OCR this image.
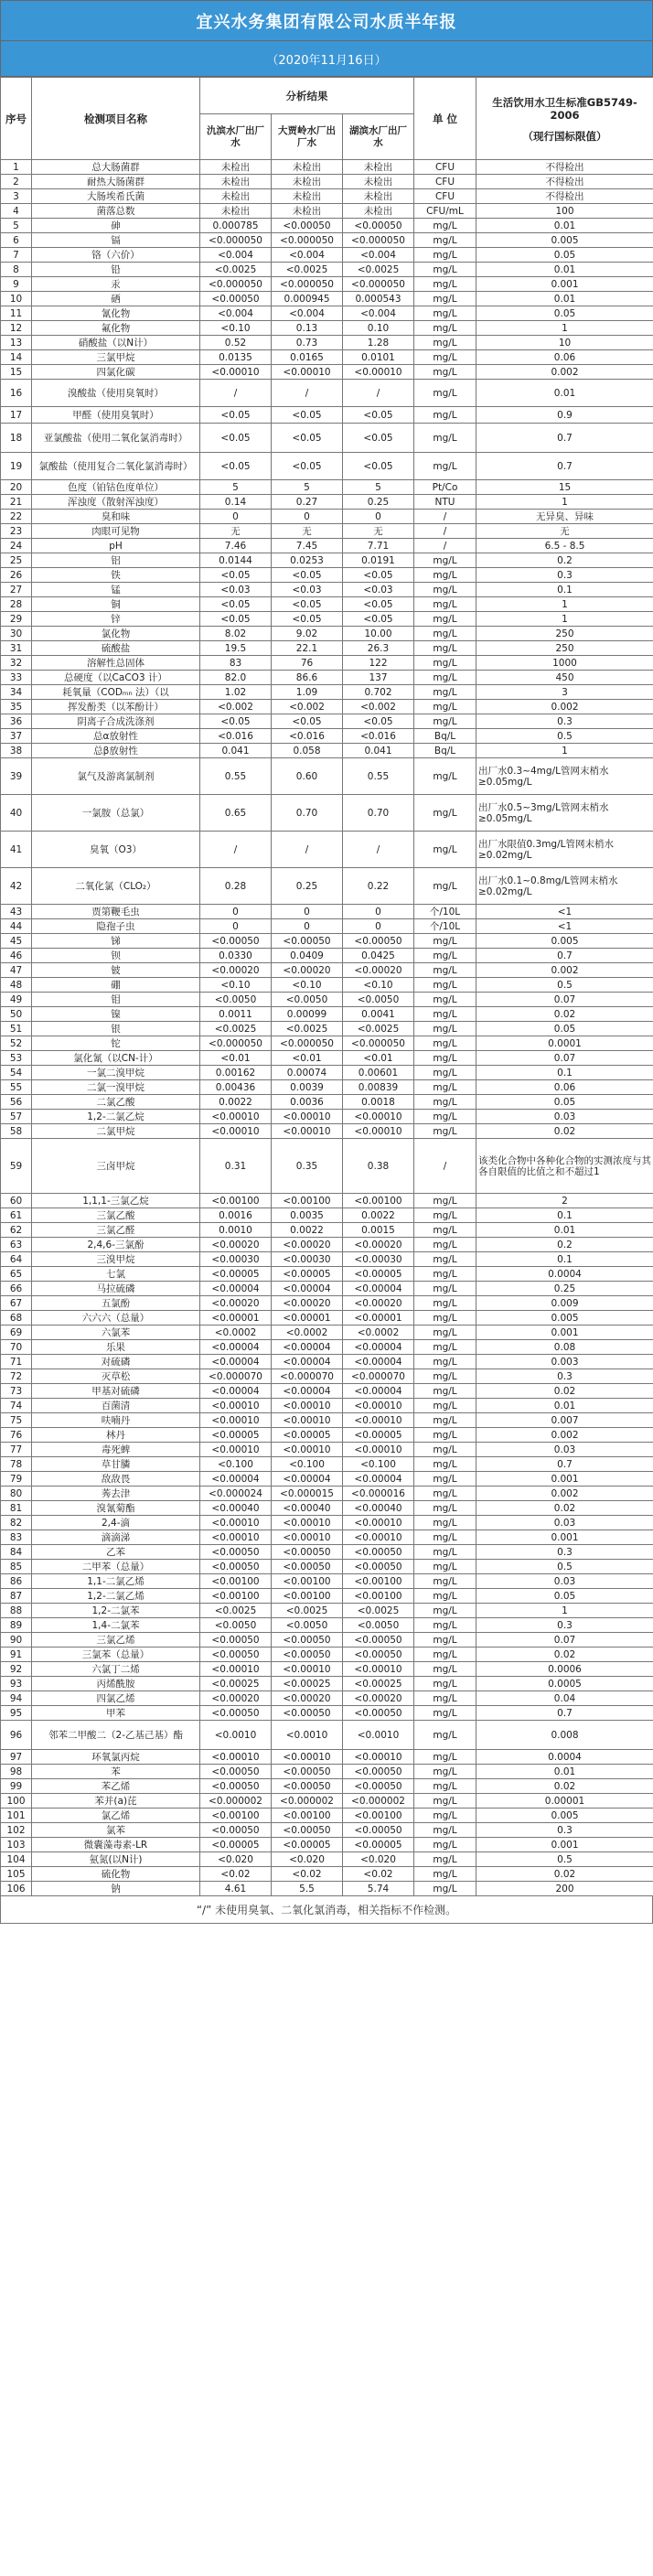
宜兴水务集团有限公司水质半年报
（2020年11月16日）
序号	检测项目名称	分析结果			单 位	生活饮用水卫生标准GB5749-2006
（现行国标限值）

		氿滨水厂出厂水	大贾岭水厂出厂水	湖滨水厂出厂水		
1	总大肠菌群	未检出	未检出	未检出	CFU	不得检出
2	耐热大肠菌群	未检出	未检出	未检出	CFU	不得检出
3	大肠埃希氏菌	未检出	未检出	未检出	CFU	不得检出
4	菌落总数	未检出	未检出	未检出	CFU/mL	100
5	砷	0.000785	<0.00050	<0.00050	mg/L	0.01
6	镉	<0.000050	<0.000050	<0.000050	mg/L	0.005
7	铬（六价）	<0.004	<0.004	<0.004	mg/L	0.05
8	铅	<0.0025	<0.0025	<0.0025	mg/L	0.01
9	汞	<0.000050	<0.000050	<0.000050	mg/L	0.001
10	硒	<0.00050	0.000945	0.000543	mg/L	0.01
11	氰化物	<0.004	<0.004	<0.004	mg/L	0.05
12	氟化物	<0.10	0.13	0.10	mg/L	1
13	硝酸盐（以N计）	0.52	0.73	1.28	mg/L	10
14	三氯甲烷	0.0135	0.0165	0.0101	mg/L	0.06
15	四氯化碳	<0.00010	<0.00010	<0.00010	mg/L	0.002
16	溴酸盐（使用臭氧时）	/	/	/	mg/L	0.01
17	甲醛（使用臭氧时）	<0.05	<0.05	<0.05	mg/L	0.9
18	亚氯酸盐（使用二氧化氯消毒时）	<0.05	<0.05	<0.05	mg/L	0.7
19	氯酸盐（使用复合二氧化氯消毒时）	<0.05	<0.05	<0.05	mg/L	0.7
20	色度（铂钴色度单位）	5	5	5	Pt/Co	15
21	浑浊度（散射浑浊度）	0.14	0.27	0.25	NTU	1
22	臭和味	0	0	0	/	无异臭、异味
23	肉眼可见物	无	无	无	/	无
24	pH	7.46	7.45	7.71	/	6.5 - 8.5
25	铝	0.0144	0.0253	0.0191	mg/L	0.2
26	铁	<0.05	<0.05	<0.05	mg/L	0.3
27	锰	<0.03	<0.03	<0.03	mg/L	0.1
28	铜	<0.05	<0.05	<0.05	mg/L	1
29	锌	<0.05	<0.05	<0.05	mg/L	1
30	氯化物	8.02	9.02	10.00	mg/L	250
31	硫酸盐	19.5	22.1	26.3	mg/L	250
32	溶解性总固体	83	76	122	mg/L	1000
33	总硬度（以CaCO3 计）	82.0	86.6	137	mg/L	450
34	耗氧量（CODₘₙ 法）（以	1.02	1.09	0.702	mg/L	3
35	挥发酚类（以苯酚计）	<0.002	<0.002	<0.002	mg/L	0.002
36	阴离子合成洗涤剂	<0.05	<0.05	<0.05	mg/L	0.3
37	总α放射性	<0.016	<0.016	<0.016	Bq/L	0.5
38	总β放射性	0.041	0.058	0.041	Bq/L	1
39	氯气及游离氯制剂	0.55	0.60	0.55	mg/L	出厂水0.3~4mg/L管网末梢水≥0.05mg/L
40	一氯胺（总氯）	0.65	0.70	0.70	mg/L	出厂水0.5~3mg/L管网末梢水≥0.05mg/L
41	臭氧（O3）	/	/	/	mg/L	出厂水限值0.3mg/L管网末梢水≥0.02mg/L
42	二氧化氯（CLO₂）	0.28	0.25	0.22	mg/L	出厂水0.1~0.8mg/L管网末梢水≥0.02mg/L
43	贾第鞭毛虫	0	0	0	个/10L	<1
44	隐孢子虫	0	0	0	个/10L	<1
45	锑	<0.00050	<0.00050	<0.00050	mg/L	0.005
46	钡	0.0330	0.0409	0.0425	mg/L	0.7
47	铍	<0.00020	<0.00020	<0.00020	mg/L	0.002
48	硼	<0.10	<0.10	<0.10	mg/L	0.5
49	钼	<0.0050	<0.0050	<0.0050	mg/L	0.07
50	镍	0.0011	0.00099	0.0041	mg/L	0.02
51	银	<0.0025	<0.0025	<0.0025	mg/L	0.05
52	铊	<0.000050	<0.000050	<0.000050	mg/L	0.0001
53	氯化氰（以CN-计）	<0.01	<0.01	<0.01	mg/L	0.07
54	一氯二溴甲烷	0.00162	0.00074	0.00601	mg/L	0.1
55	二氯一溴甲烷	0.00436	0.0039	0.00839	mg/L	0.06
56	二氯乙酸	0.0022	0.0036	0.0018	mg/L	0.05
57	1,2-二氯乙烷	<0.00010	<0.00010	<0.00010	mg/L	0.03
58	二氯甲烷	<0.00010	<0.00010	<0.00010	mg/L	0.02
59	三卤甲烷	0.31	0.35	0.38	/	该类化合物中各种化合物的实测浓度与其各自限值的比值之和不超过1
60	1,1,1-三氯乙烷	<0.00100	<0.00100	<0.00100	mg/L	2
61	三氯乙酸	0.0016	0.0035	0.0022	mg/L	0.1
62	三氯乙醛	0.0010	0.0022	0.0015	mg/L	0.01
63	2,4,6-三氯酚	<0.00020	<0.00020	<0.00020	mg/L	0.2
64	三溴甲烷	<0.00030	<0.00030	<0.00030	mg/L	0.1
65	七氯	<0.00005	<0.00005	<0.00005	mg/L	0.0004
66	马拉硫磷	<0.00004	<0.00004	<0.00004	mg/L	0.25
67	五氯酚	<0.00020	<0.00020	<0.00020	mg/L	0.009
68	六六六（总量）	<0.00001	<0.00001	<0.00001	mg/L	0.005
69	六氯苯	<0.0002	<0.0002	<0.0002	mg/L	0.001
70	乐果	<0.00004	<0.00004	<0.00004	mg/L	0.08
71	对硫磷	<0.00004	<0.00004	<0.00004	mg/L	0.003
72	灭草松	<0.000070	<0.000070	<0.000070	mg/L	0.3
73	甲基对硫磷	<0.00004	<0.00004	<0.00004	mg/L	0.02
74	百菌清	<0.00010	<0.00010	<0.00010	mg/L	0.01
75	呋喃丹	<0.00010	<0.00010	<0.00010	mg/L	0.007
76	林丹	<0.00005	<0.00005	<0.00005	mg/L	0.002
77	毒死蜱	<0.00010	<0.00010	<0.00010	mg/L	0.03
78	草甘膦	<0.100	<0.100	<0.100	mg/L	0.7
79	敌敌畏	<0.00004	<0.00004	<0.00004	mg/L	0.001
80	莠去津	<0.000024	<0.000015	<0.000016	mg/L	0.002
81	溴氰菊酯	<0.00040	<0.00040	<0.00040	mg/L	0.02
82	2,4-滴	<0.00010	<0.00010	<0.00010	mg/L	0.03
83	滴滴涕	<0.00010	<0.00010	<0.00010	mg/L	0.001
84	乙苯	<0.00050	<0.00050	<0.00050	mg/L	0.3
85	二甲苯（总量）	<0.00050	<0.00050	<0.00050	mg/L	0.5
86	1,1-二氯乙烯	<0.00100	<0.00100	<0.00100	mg/L	0.03
87	1,2-二氯乙烯	<0.00100	<0.00100	<0.00100	mg/L	0.05
88	1,2-二氯苯	<0.0025	<0.0025	<0.0025	mg/L	1
89	1,4-二氯苯	<0.0050	<0.0050	<0.0050	mg/L	0.3
90	三氯乙烯	<0.00050	<0.00050	<0.00050	mg/L	0.07
91	三氯苯（总量）	<0.00050	<0.00050	<0.00050	mg/L	0.02
92	六氯丁二烯	<0.00010	<0.00010	<0.00010	mg/L	0.0006
93	丙烯酰胺	<0.00025	<0.00025	<0.00025	mg/L	0.0005
94	四氯乙烯	<0.00020	<0.00020	<0.00020	mg/L	0.04
95	甲苯	<0.00050	<0.00050	<0.00050	mg/L	0.7
96	邻苯二甲酸二（2-乙基己基）酯	<0.0010	<0.0010	<0.0010	mg/L	0.008
97	环氧氯丙烷	<0.00010	<0.00010	<0.00010	mg/L	0.0004
98	苯	<0.00050	<0.00050	<0.00050	mg/L	0.01
99	苯乙烯	<0.00050	<0.00050	<0.00050	mg/L	0.02
100	苯并(a)芘	<0.000002	<0.000002	<0.000002	mg/L	0.00001
101	氯乙烯	<0.00100	<0.00100	<0.00100	mg/L	0.005
102	氯苯	<0.00050	<0.00050	<0.00050	mg/L	0.3
103	微囊藻毒素-LR	<0.00005	<0.00005	<0.00005	mg/L	0.001
104	氨氮(以N计)	<0.020	<0.020	<0.020	mg/L	0.5
105	硫化物	<0.02	<0.02	<0.02	mg/L	0.02
106	钠	4.61	5.5	5.74	mg/L	200
“/” 未使用臭氧、二氧化氯消毒，相关指标不作检测。
